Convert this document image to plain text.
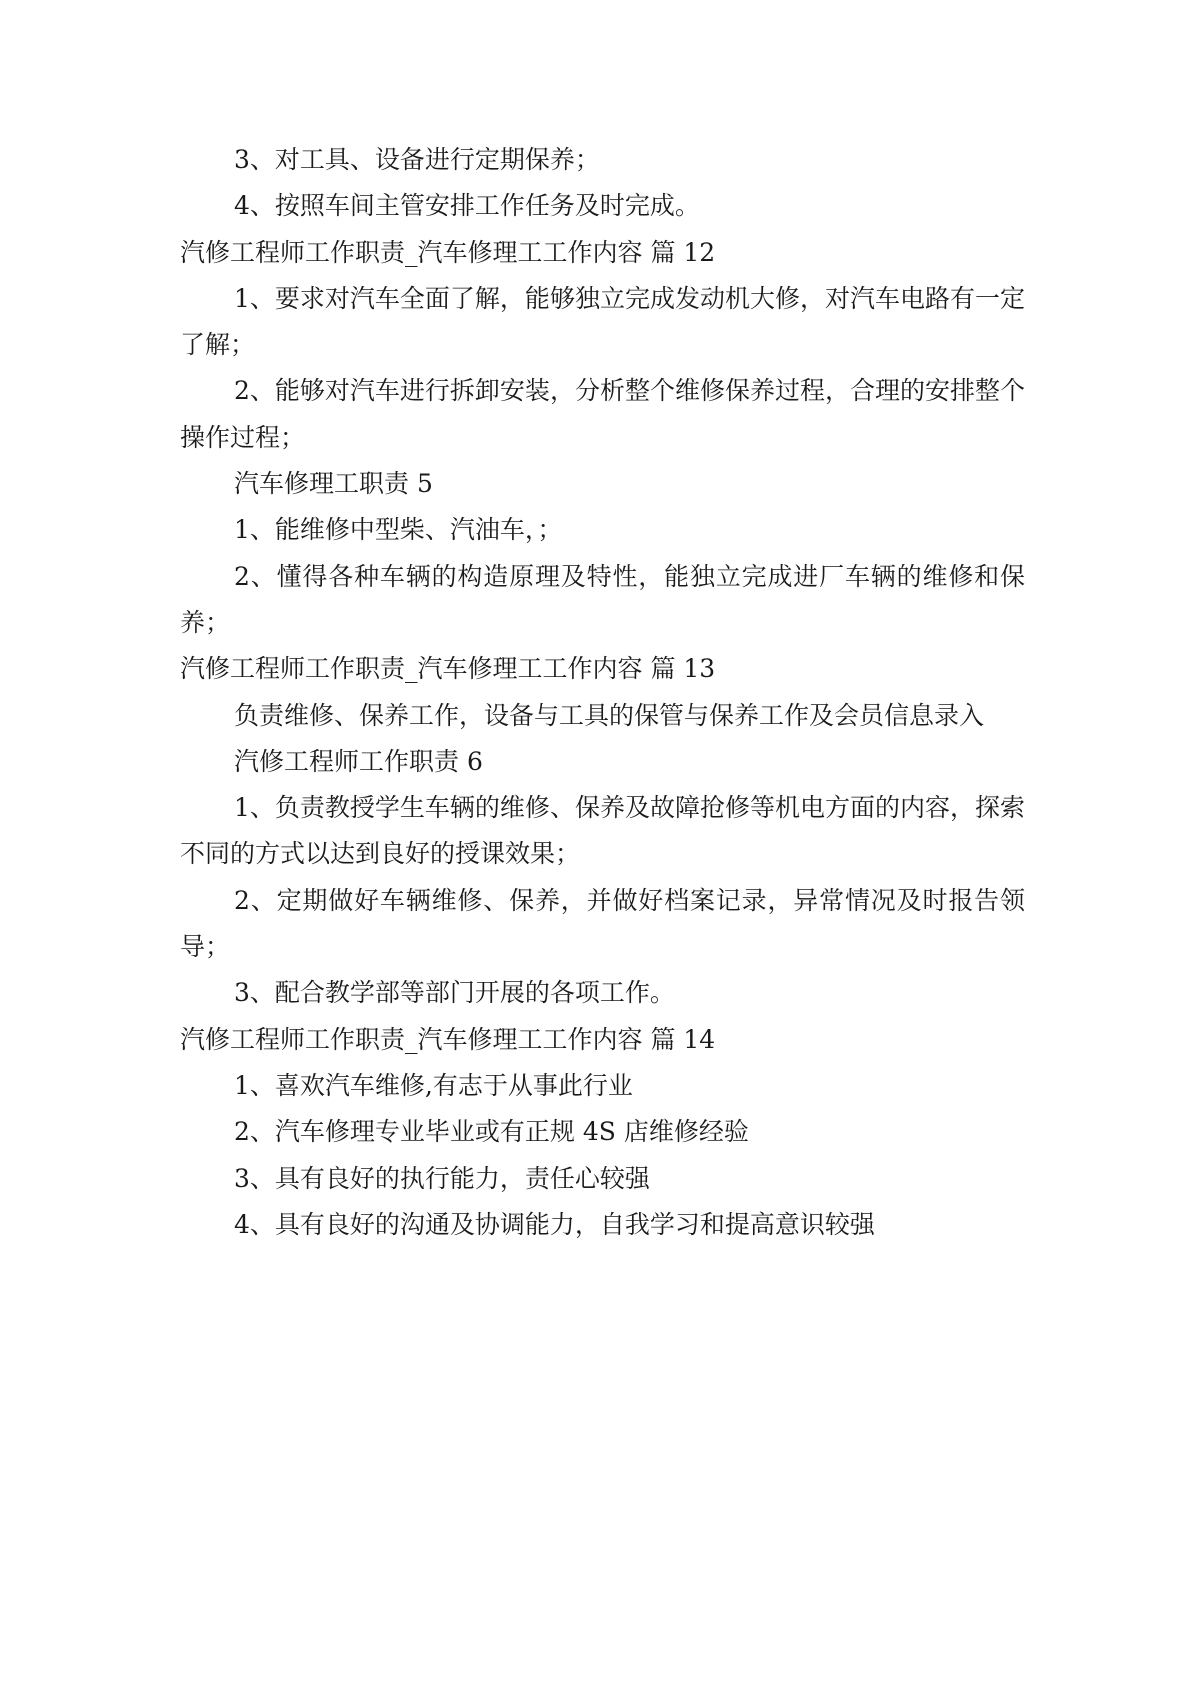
3、对工具、设备进行定期保养；

4、按照车间主管安排工作任务及时完成。

汽修工程师工作职责_汽车修理工工作内容 篇 12

1、要求对汽车全面了解，能够独立完成发动机大修，对汽车电路有一定了解；

2、能够对汽车进行拆卸安装，分析整个维修保养过程，合理的安排整个操作过程；

汽车修理工职责 5

1、能维修中型柴、汽油车，；

2、懂得各种车辆的构造原理及特性，能独立完成进厂车辆的维修和保养；

汽修工程师工作职责_汽车修理工工作内容 篇 13

负责维修、保养工作，设备与工具的保管与保养工作及会员信息录入

汽修工程师工作职责 6

1、负责教授学生车辆的维修、保养及故障抢修等机电方面的内容，探索不同的方式以达到良好的授课效果；

2、定期做好车辆维修、保养，并做好档案记录，异常情况及时报告领导；

3、配合教学部等部门开展的各项工作。

汽修工程师工作职责_汽车修理工工作内容 篇 14

1、喜欢汽车维修,有志于从事此行业

2、汽车修理专业毕业或有正规 4S 店维修经验

3、具有良好的执行能力，责任心较强

4、具有良好的沟通及协调能力，自我学习和提高意识较强
